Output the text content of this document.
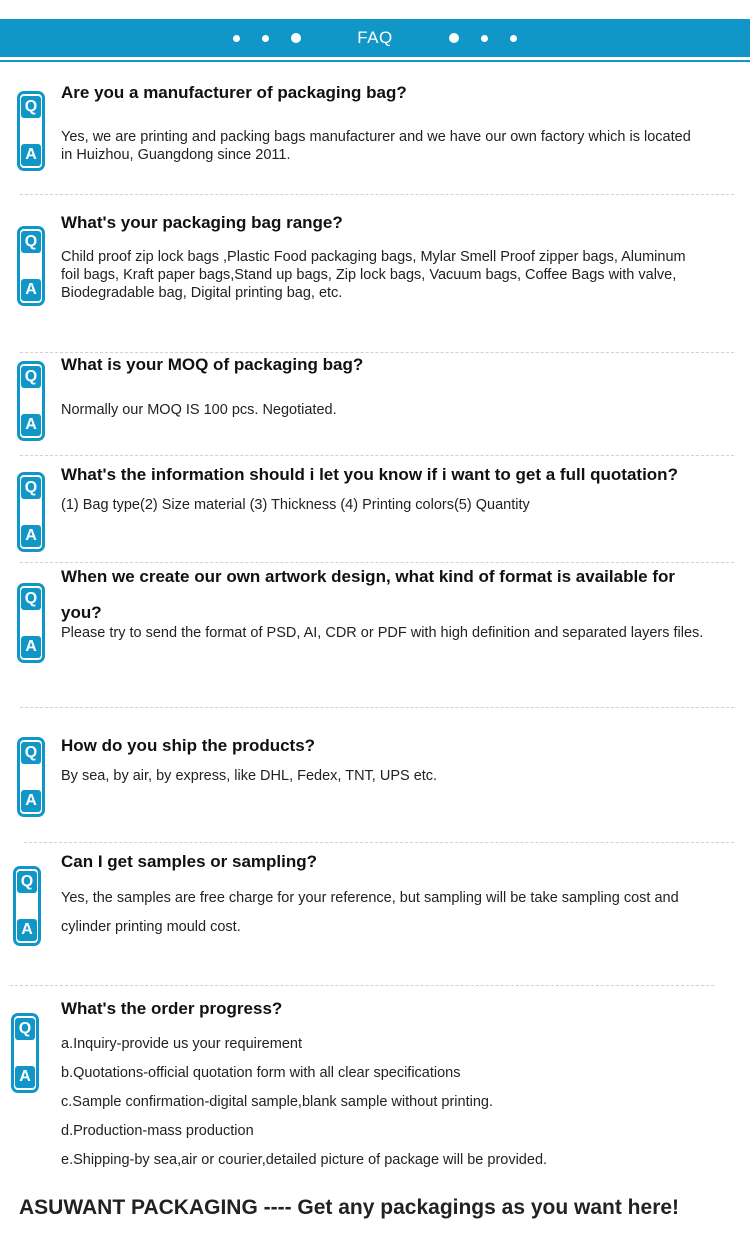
FAQ
Q
A
Are you a manufacturer of packaging bag?

Yes, we are printing and packing bags manufacturer and we have our own factory which is located

in Huizhou, Guangdong since 2011.

Q
A
What's your packaging bag range?

Child proof zip lock bags ,Plastic Food packaging bags, Mylar Smell Proof zipper bags, Aluminum

foil bags, Kraft paper bags,Stand up bags, Zip lock bags, Vacuum bags, Coffee Bags with valve,

Biodegradable bag, Digital printing bag, etc.

Q
A
What is your MOQ of packaging bag?

Normally our MOQ IS 100 pcs. Negotiated.

Q
A
What's the information should i let you know if i want to get a full quotation?

(1) Bag type(2) Size material (3) Thickness (4) Printing colors(5) Quantity

Q
A
When we create our own artwork design, what kind of format is available for
you?

Please try to send the format of PSD, AI, CDR or PDF with high definition and separated layers files.

Q
A
How do you ship the products?

By sea, by air, by express, like DHL, Fedex, TNT, UPS etc.

Q
A
Can I get samples or sampling?

Yes, the samples are free charge for your reference, but sampling will be take sampling cost and

cylinder printing mould cost.

Q
A
What's the order progress?

a.Inquiry-provide us your requirement

b.Quotations-official quotation form with all clear specifications

c.Sample confirmation-digital sample,blank sample without printing.

d.Production-mass production

e.Shipping-by sea,air or courier,detailed picture of package will be provided.

ASUWANT PACKAGING ---- Get any packagings as you want here!
